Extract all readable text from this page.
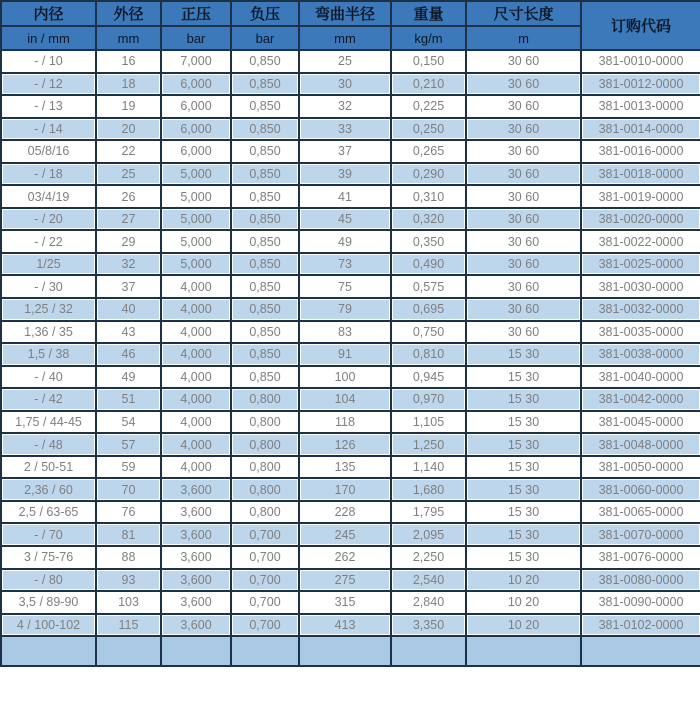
内径	外径	正压	负压	弯曲半径	重量	尺寸长度	订购代码
in / mm	mm	bar	bar	mm	kg/m	m	
- / 10	16	7,000	0,850	25	0,150	30 60	381-0010-0000
- / 12	18	6,000	0,850	30	0,210	30 60	381-0012-0000
- / 13	19	6,000	0,850	32	0,225	30 60	381-0013-0000
- / 14	20	6,000	0,850	33	0,250	30 60	381-0014-0000
05/8/16	22	6,000	0,850	37	0,265	30 60	381-0016-0000
- / 18	25	5,000	0,850	39	0,290	30 60	381-0018-0000
03/4/19	26	5,000	0,850	41	0,310	30 60	381-0019-0000
- / 20	27	5,000	0,850	45	0,320	30 60	381-0020-0000
- / 22	29	5,000	0,850	49	0,350	30 60	381-0022-0000
1/25	32	5,000	0,850	73	0,490	30 60	381-0025-0000
- / 30	37	4,000	0,850	75	0,575	30 60	381-0030-0000
1,25 / 32	40	4,000	0,850	79	0,695	30 60	381-0032-0000
1,36 / 35	43	4,000	0,850	83	0,750	30 60	381-0035-0000
1,5 / 38	46	4,000	0,850	91	0,810	15 30	381-0038-0000
- / 40	49	4,000	0,850	100	0,945	15 30	381-0040-0000
- / 42	51	4,000	0,800	104	0,970	15 30	381-0042-0000
1,75 / 44-45	54	4,000	0,800	118	1,105	15 30	381-0045-0000
- / 48	57	4,000	0,800	126	1,250	15 30	381-0048-0000
2 / 50-51	59	4,000	0,800	135	1,140	15 30	381-0050-0000
2,36 / 60	70	3,600	0,800	170	1,680	15 30	381-0060-0000
2,5 / 63-65	76	3,600	0,800	228	1,795	15 30	381-0065-0000
- / 70	81	3,600	0,700	245	2,095	15 30	381-0070-0000
3 / 75-76	88	3,600	0,700	262	2,250	15 30	381-0076-0000
- / 80	93	3,600	0,700	275	2,540	10 20	381-0080-0000
3,5 / 89-90	103	3,600	0,700	315	2,840	10 20	381-0090-0000
4 / 100-102	115	3,600	0,700	413	3,350	10 20	381-0102-0000
